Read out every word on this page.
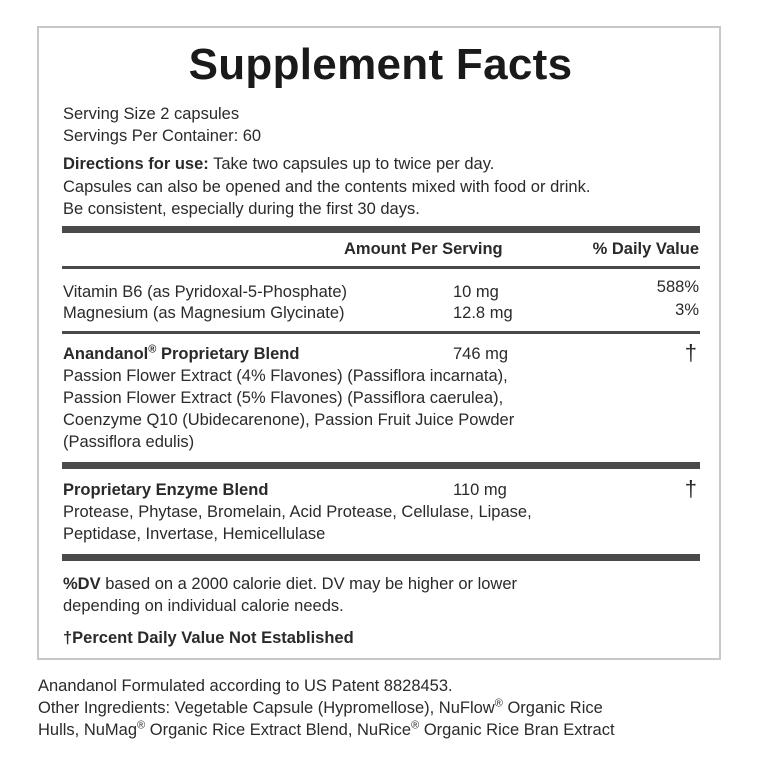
Supplement Facts
Serving Size 2 capsules
Servings Per Container: 60
Directions for use: Take two capsules up to twice per day.
Capsules can also be opened and the contents mixed with food or drink.
Be consistent, especially during the first 30 days.
Amount Per Serving	% Daily Value
Vitamin B6 (as Pyridoxal-5-Phosphate)	10 mg	588%
Magnesium (as Magnesium Glycinate)	12.8 mg	3%
Anandanol® Proprietary Blend	746 mg	†
Passion Flower Extract (4% Flavones) (Passiflora incarnata),
Passion Flower Extract (5% Flavones) (Passiflora caerulea),
Coenzyme Q10 (Ubidecarenone), Passion Fruit Juice Powder
(Passiflora edulis)
Proprietary Enzyme Blend	110 mg	†
Protease, Phytase, Bromelain, Acid Protease, Cellulase, Lipase,
Peptidase, Invertase, Hemicellulase
%DV based on a 2000 calorie diet. DV may be higher or lower
depending on individual calorie needs.
†Percent Daily Value Not Established
Anandanol Formulated according to US Patent 8828453.
Other Ingredients: Vegetable Capsule (Hypromellose), NuFlow® Organic Rice
Hulls, NuMag® Organic Rice Extract Blend, NuRice® Organic Rice Bran Extract
